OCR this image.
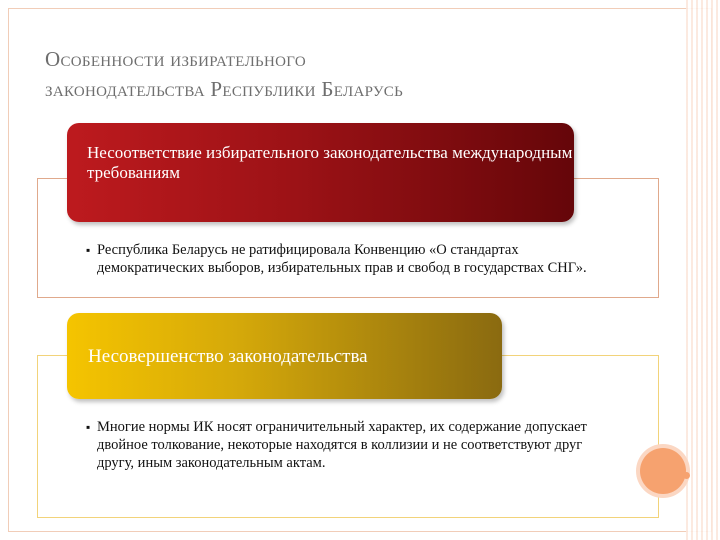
Особенности избирательного
законодательства Республики Беларусь
Несоответствие избирательного законодательства международным требованиям
▪ Республика Беларусь не ратифицировала Конвенцию «О стандартах демократических выборов, избирательных прав и свобод в государствах СНГ».
Несовершенство законодательства
▪ Многие нормы ИК носят ограничительный характер, их содержание допускает двойное толкование, некоторые находятся в коллизии и не соответствуют друг другу, иным законодательным актам.
